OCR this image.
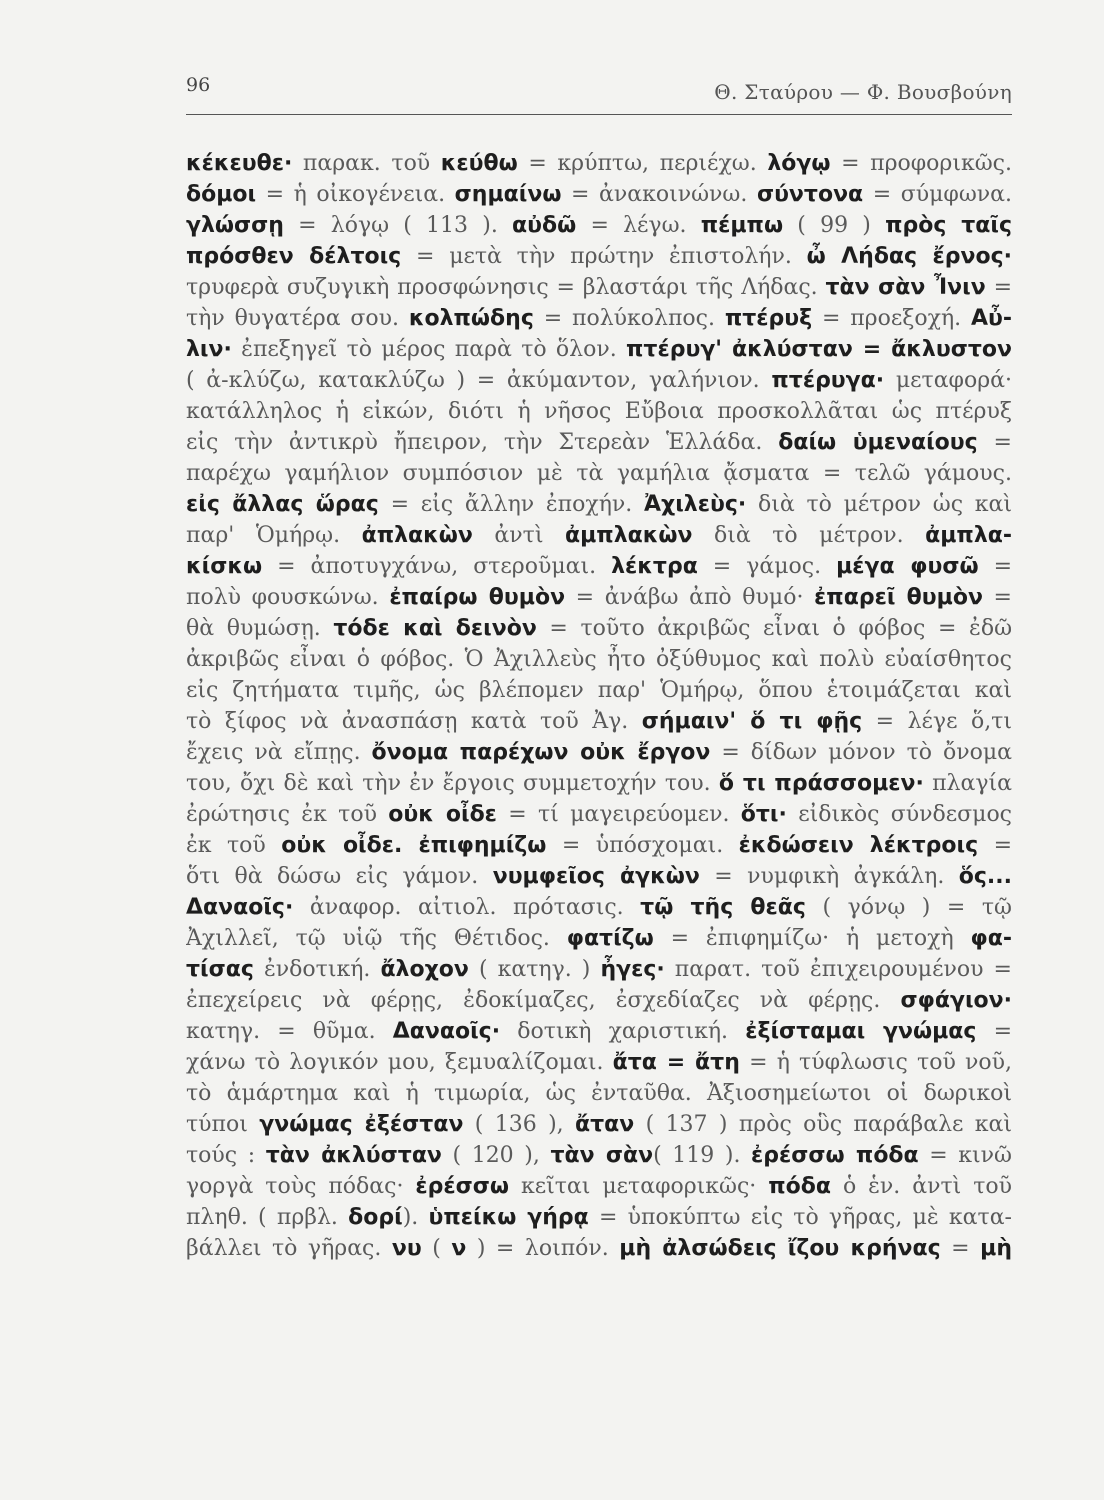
96	Θ. Σταύρου — Φ. Βουσβούνη
κέκευθε· παρακ. τοῦ κεύθω = κρύπτω, περιέχω. λόγῳ = προφορικῶς.
δόμοι = ἡ οἰκογένεια. σημαίνω = ἀνακοινώνω. σύντονα = σύμφωνα.
γλώσσῃ = λόγῳ ( 113 ). αὐδῶ = λέγω. πέμπω ( 99 ) πρὸς ταῖς
πρόσθεν δέλτοις = μετὰ τὴν πρώτην ἐπιστολήν. ὦ Λήδας ἔρνος·
τρυφερὰ συζυγικὴ προσφώνησις = βλαστάρι τῆς Λήδας. τὰν σὰν Ἶνιν =
τὴν θυγατέρα σου. κολπώδης = πολύκολπος. πτέρυξ = προεξοχή. Αὖ-
λιν· ἐπεξηγεῖ τὸ μέρος παρὰ τὸ ὅλον. πτέρυγ' ἀκλύσταν = ἄκλυστον
( ἀ-κλύζω, κατακλύζω ) = ἀκύμαντον, γαλήνιον. πτέρυγα· μεταφορά·
κατάλληλος ἡ εἰκών, διότι ἡ νῆσος Εὔβοια προσκολλᾶται ὡς πτέρυξ
εἰς τὴν ἀντικρὺ ἤπειρον, τὴν Στερεὰν Ἑλλάδα. δαίω ὑμεναίους =
παρέχω γαμήλιον συμπόσιον μὲ τὰ γαμήλια ᾄσματα = τελῶ γάμους.
εἰς ἄλλας ὥρας = εἰς ἄλλην ἐποχήν. Ἀχιλεὺς· διὰ τὸ μέτρον ὡς καὶ
παρ' Ὁμήρῳ. ἀπλακὼν ἀντὶ ἀμπλακὼν διὰ τὸ μέτρον. ἀμπλα-
κίσκω = ἀποτυγχάνω, στεροῦμαι. λέκτρα = γάμος. μέγα φυσῶ =
πολὺ φουσκώνω. ἐπαίρω θυμὸν = ἀνάβω ἀπὸ θυμό· ἐπαρεῖ θυμὸν =
θὰ θυμώσῃ. τόδε καὶ δεινὸν = τοῦτο ἀκριβῶς εἶναι ὁ φόβος = ἐδῶ
ἀκριβῶς εἶναι ὁ φόβος. Ὁ Ἀχιλλεὺς ἦτο ὀξύθυμος καὶ πολὺ εὐαίσθητος
εἰς ζητήματα τιμῆς, ὡς βλέπομεν παρ' Ὁμήρῳ, ὅπου ἑτοιμάζεται καὶ
τὸ ξίφος νὰ ἀνασπάσῃ κατὰ τοῦ Ἀγ. σήμαιν' ὅ τι φῇς = λέγε ὅ,τι
ἔχεις νὰ εἴπῃς. ὄνομα παρέχων οὐκ ἔργον = δίδων μόνον τὸ ὄνομα
του, ὄχι δὲ καὶ τὴν ἐν ἔργοις συμμετοχήν του. ὅ τι πράσσομεν· πλαγία
ἐρώτησις ἐκ τοῦ οὐκ οἶδε = τί μαγειρεύομεν. ὅτι· εἰδικὸς σύνδεσμος
ἐκ τοῦ οὐκ οἶδε. ἐπιφημίζω = ὑπόσχομαι. ἐκδώσειν λέκτροις =
ὅτι θὰ δώσω εἰς γάμον. νυμφεῖος ἀγκὼν = νυμφικὴ ἀγκάλη. ὅς...
Δαναοῖς· ἀναφορ. αἰτιολ. πρότασις. τῷ τῆς θεᾶς ( γόνῳ ) = τῷ
Ἀχιλλεῖ, τῷ υἱῷ τῆς Θέτιδος. φατίζω = ἐπιφημίζω· ἡ μετοχὴ φα-
τίσας ἐνδοτική. ἄλοχον ( κατηγ. ) ἦγες· παρατ. τοῦ ἐπιχειρουμένου =
ἐπεχείρεις νὰ φέρῃς, ἐδοκίμαζες, ἐσχεδίαζες νὰ φέρῃς. σφάγιον·
κατηγ. = θῦμα. Δαναοῖς· δοτικὴ χαριστική. ἐξίσταμαι γνώμας =
χάνω τὸ λογικόν μου, ξεμυαλίζομαι. ἄτα = ἄτη = ἡ τύφλωσις τοῦ νοῦ,
τὸ ἁμάρτημα καὶ ἡ τιμωρία, ὡς ἐνταῦθα. Ἀξιοσημείωτοι οἱ δωρικοὶ
τύποι γνώμας ἐξέσταν ( 136 ), ἄταν ( 137 ) πρὸς οὓς παράβαλε καὶ
τούς : τὰν ἀκλύσταν ( 120 ), τὰν σὰν( 119 ). ἐρέσσω πόδα = κινῶ
γοργὰ τοὺς πόδας· ἐρέσσω κεῖται μεταφορικῶς· πόδα ὁ ἑν. ἀντὶ τοῦ
πληθ. ( πρβλ. δορί). ὑπείκω γήρᾳ = ὑποκύπτω εἰς τὸ γῆρας, μὲ κατα-
βάλλει τὸ γῆρας. νυ ( ν ) = λοιπόν. μὴ ἀλσώδεις ἴζου κρήνας = μὴ
